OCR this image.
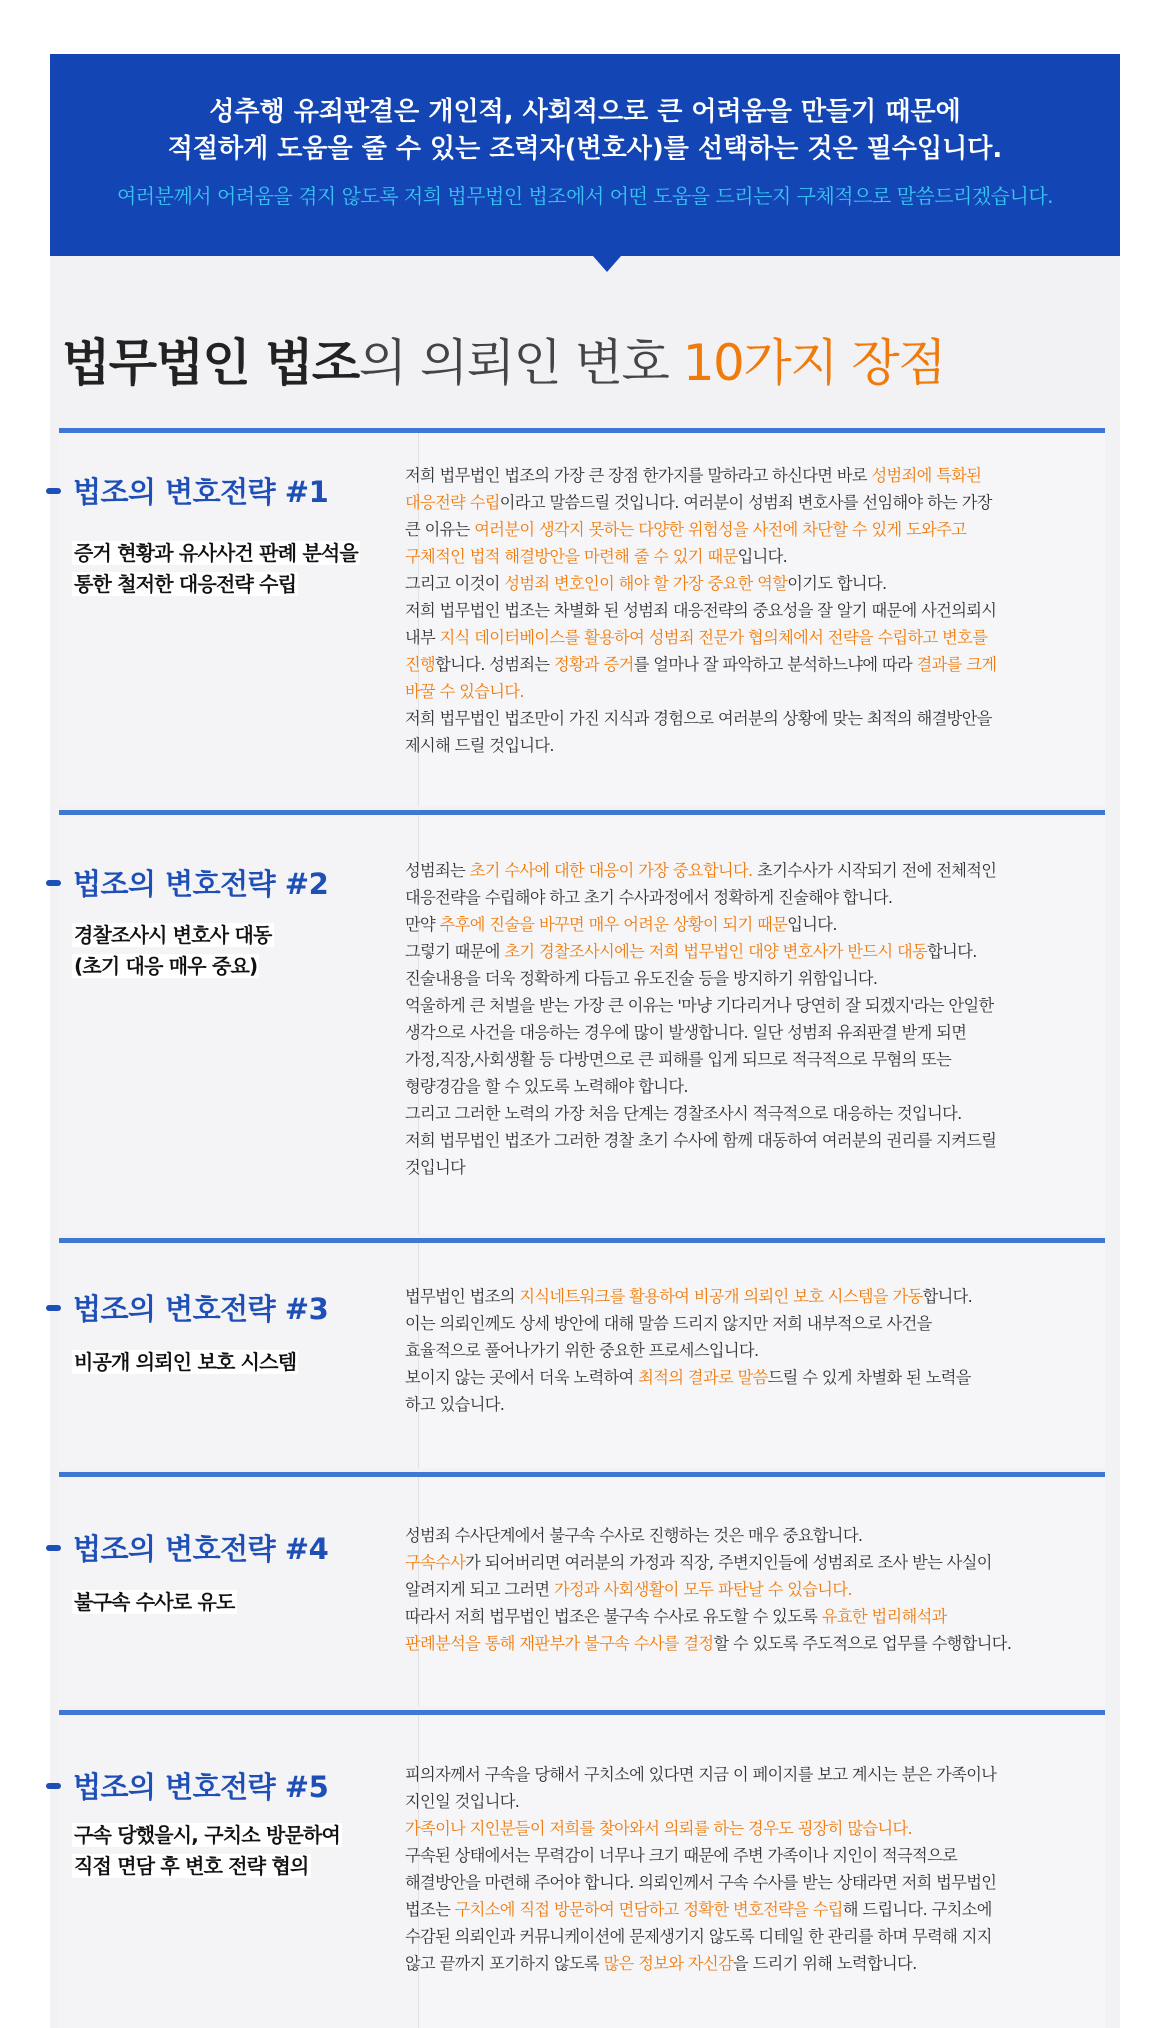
성추행 유죄판결은 개인적, 사회적으로 큰 어려움을 만들기 때문에
적절하게 도움을 줄 수 있는 조력자(변호사)를 선택하는 것은 필수입니다.
여러분께서 어려움을 겪지 않도록 저희 법무법인 법조에서 어떤 도움을 드리는지 구체적으로 말씀드리겠습니다.
법무법인 법조의 의뢰인 변호 10가지 장점
법조의 변호전략 #1
증거 현황과 유사사건 판례 분석을
통한 철저한 대응전략 수립

저희 법무법인 법조의 가장 큰 장점 한가지를 말하라고 하신다면 바로 성범죄에 특화된

대응전략 수립이라고 말씀드릴 것입니다. 여러분이 성범죄 변호사를 선임해야 하는 가장

큰 이유는 여러분이 생각지 못하는 다양한 위험성을 사전에 차단할 수 있게 도와주고

구체적인 법적 해결방안을 마련해 줄 수 있기 때문입니다.

그리고 이것이 성범죄 변호인이 해야 할 가장 중요한 역할이기도 합니다.

저희 법무법인 법조는 차별화 된 성범죄 대응전략의 중요성을 잘 알기 때문에 사건의뢰시

내부 지식 데이터베이스를 활용하여 성범죄 전문가 협의체에서 전략을 수립하고 변호를

진행합니다. 성범죄는 정황과 증거를 얼마나 잘 파악하고 분석하느냐에 따라 결과를 크게

바꿀 수 있습니다.

저희 법무법인 법조만이 가진 지식과 경험으로 여러분의 상황에 맞는 최적의 해결방안을

제시해 드릴 것입니다.

법조의 변호전략 #2
경찰조사시 변호사 대동
(초기 대응 매우 중요)

성범죄는 초기 수사에 대한 대응이 가장 중요합니다. 초기수사가 시작되기 전에 전체적인

대응전략을 수립해야 하고 초기 수사과정에서 정확하게 진술해야 합니다.

만약 추후에 진술을 바꾸면 매우 어려운 상황이 되기 때문입니다.

그렇기 때문에 초기 경찰조사시에는 저희 법무법인 대양 변호사가 반드시 대동합니다.

진술내용을 더욱 정확하게 다듬고 유도진술 등을 방지하기 위함입니다.

억울하게 큰 처벌을 받는 가장 큰 이유는 '마냥 기다리거나 당연히 잘 되겠지'라는 안일한

생각으로 사건을 대응하는 경우에 많이 발생합니다. 일단 성범죄 유죄판결 받게 되면

가정,직장,사회생활 등 다방면으로 큰 피해를 입게 되므로 적극적으로 무혐의 또는

형량경감을 할 수 있도록 노력해야 합니다.

그리고 그러한 노력의 가장 처음 단계는 경찰조사시 적극적으로 대응하는 것입니다.

저희 법무법인 법조가 그러한 경찰 초기 수사에 함께 대동하여 여러분의 권리를 지켜드릴

것입니다

법조의 변호전략 #3
비공개 의뢰인 보호 시스템

법무법인 법조의 지식네트워크를 활용하여 비공개 의뢰인 보호 시스템을 가동합니다.

이는 의뢰인께도 상세 방안에 대해 말씀 드리지 않지만 저희 내부적으로 사건을

효율적으로 풀어나가기 위한 중요한 프로세스입니다.

보이지 않는 곳에서 더욱 노력하여 최적의 결과로 말씀드릴 수 있게 차별화 된 노력을

하고 있습니다.

법조의 변호전략 #4
불구속 수사로 유도

성범죄 수사단계에서 불구속 수사로 진행하는 것은 매우 중요합니다.

구속수사가 되어버리면 여러분의 가정과 직장, 주변지인들에 성범죄로 조사 받는 사실이

알려지게 되고 그러면 가정과 사회생활이 모두 파탄날 수 있습니다.

따라서 저희 법무법인 법조은 불구속 수사로 유도할 수 있도록 유효한 법리해석과

판례분석을 통해 재판부가 불구속 수사를 결정할 수 있도록 주도적으로 업무를 수행합니다.

법조의 변호전략 #5
구속 당했을시, 구치소 방문하여
직접 면담 후 변호 전략 협의

피의자께서 구속을 당해서 구치소에 있다면 지금 이 페이지를 보고 계시는 분은 가족이나

지인일 것입니다.

가족이나 지인분들이 저희를 찾아와서 의뢰를 하는 경우도 굉장히 많습니다.

구속된 상태에서는 무력감이 너무나 크기 때문에 주변 가족이나 지인이 적극적으로

해결방안을 마련해 주어야 합니다. 의뢰인께서 구속 수사를 받는 상태라면 저희 법무법인

법조는 구치소에 직접 방문하여 면담하고 정확한 변호전략을 수립해 드립니다. 구치소에

수감된 의뢰인과 커뮤니케이션에 문제생기지 않도록 디테일 한 관리를 하며 무력해 지지

않고 끝까지 포기하지 않도록 많은 정보와 자신감을 드리기 위해 노력합니다.
